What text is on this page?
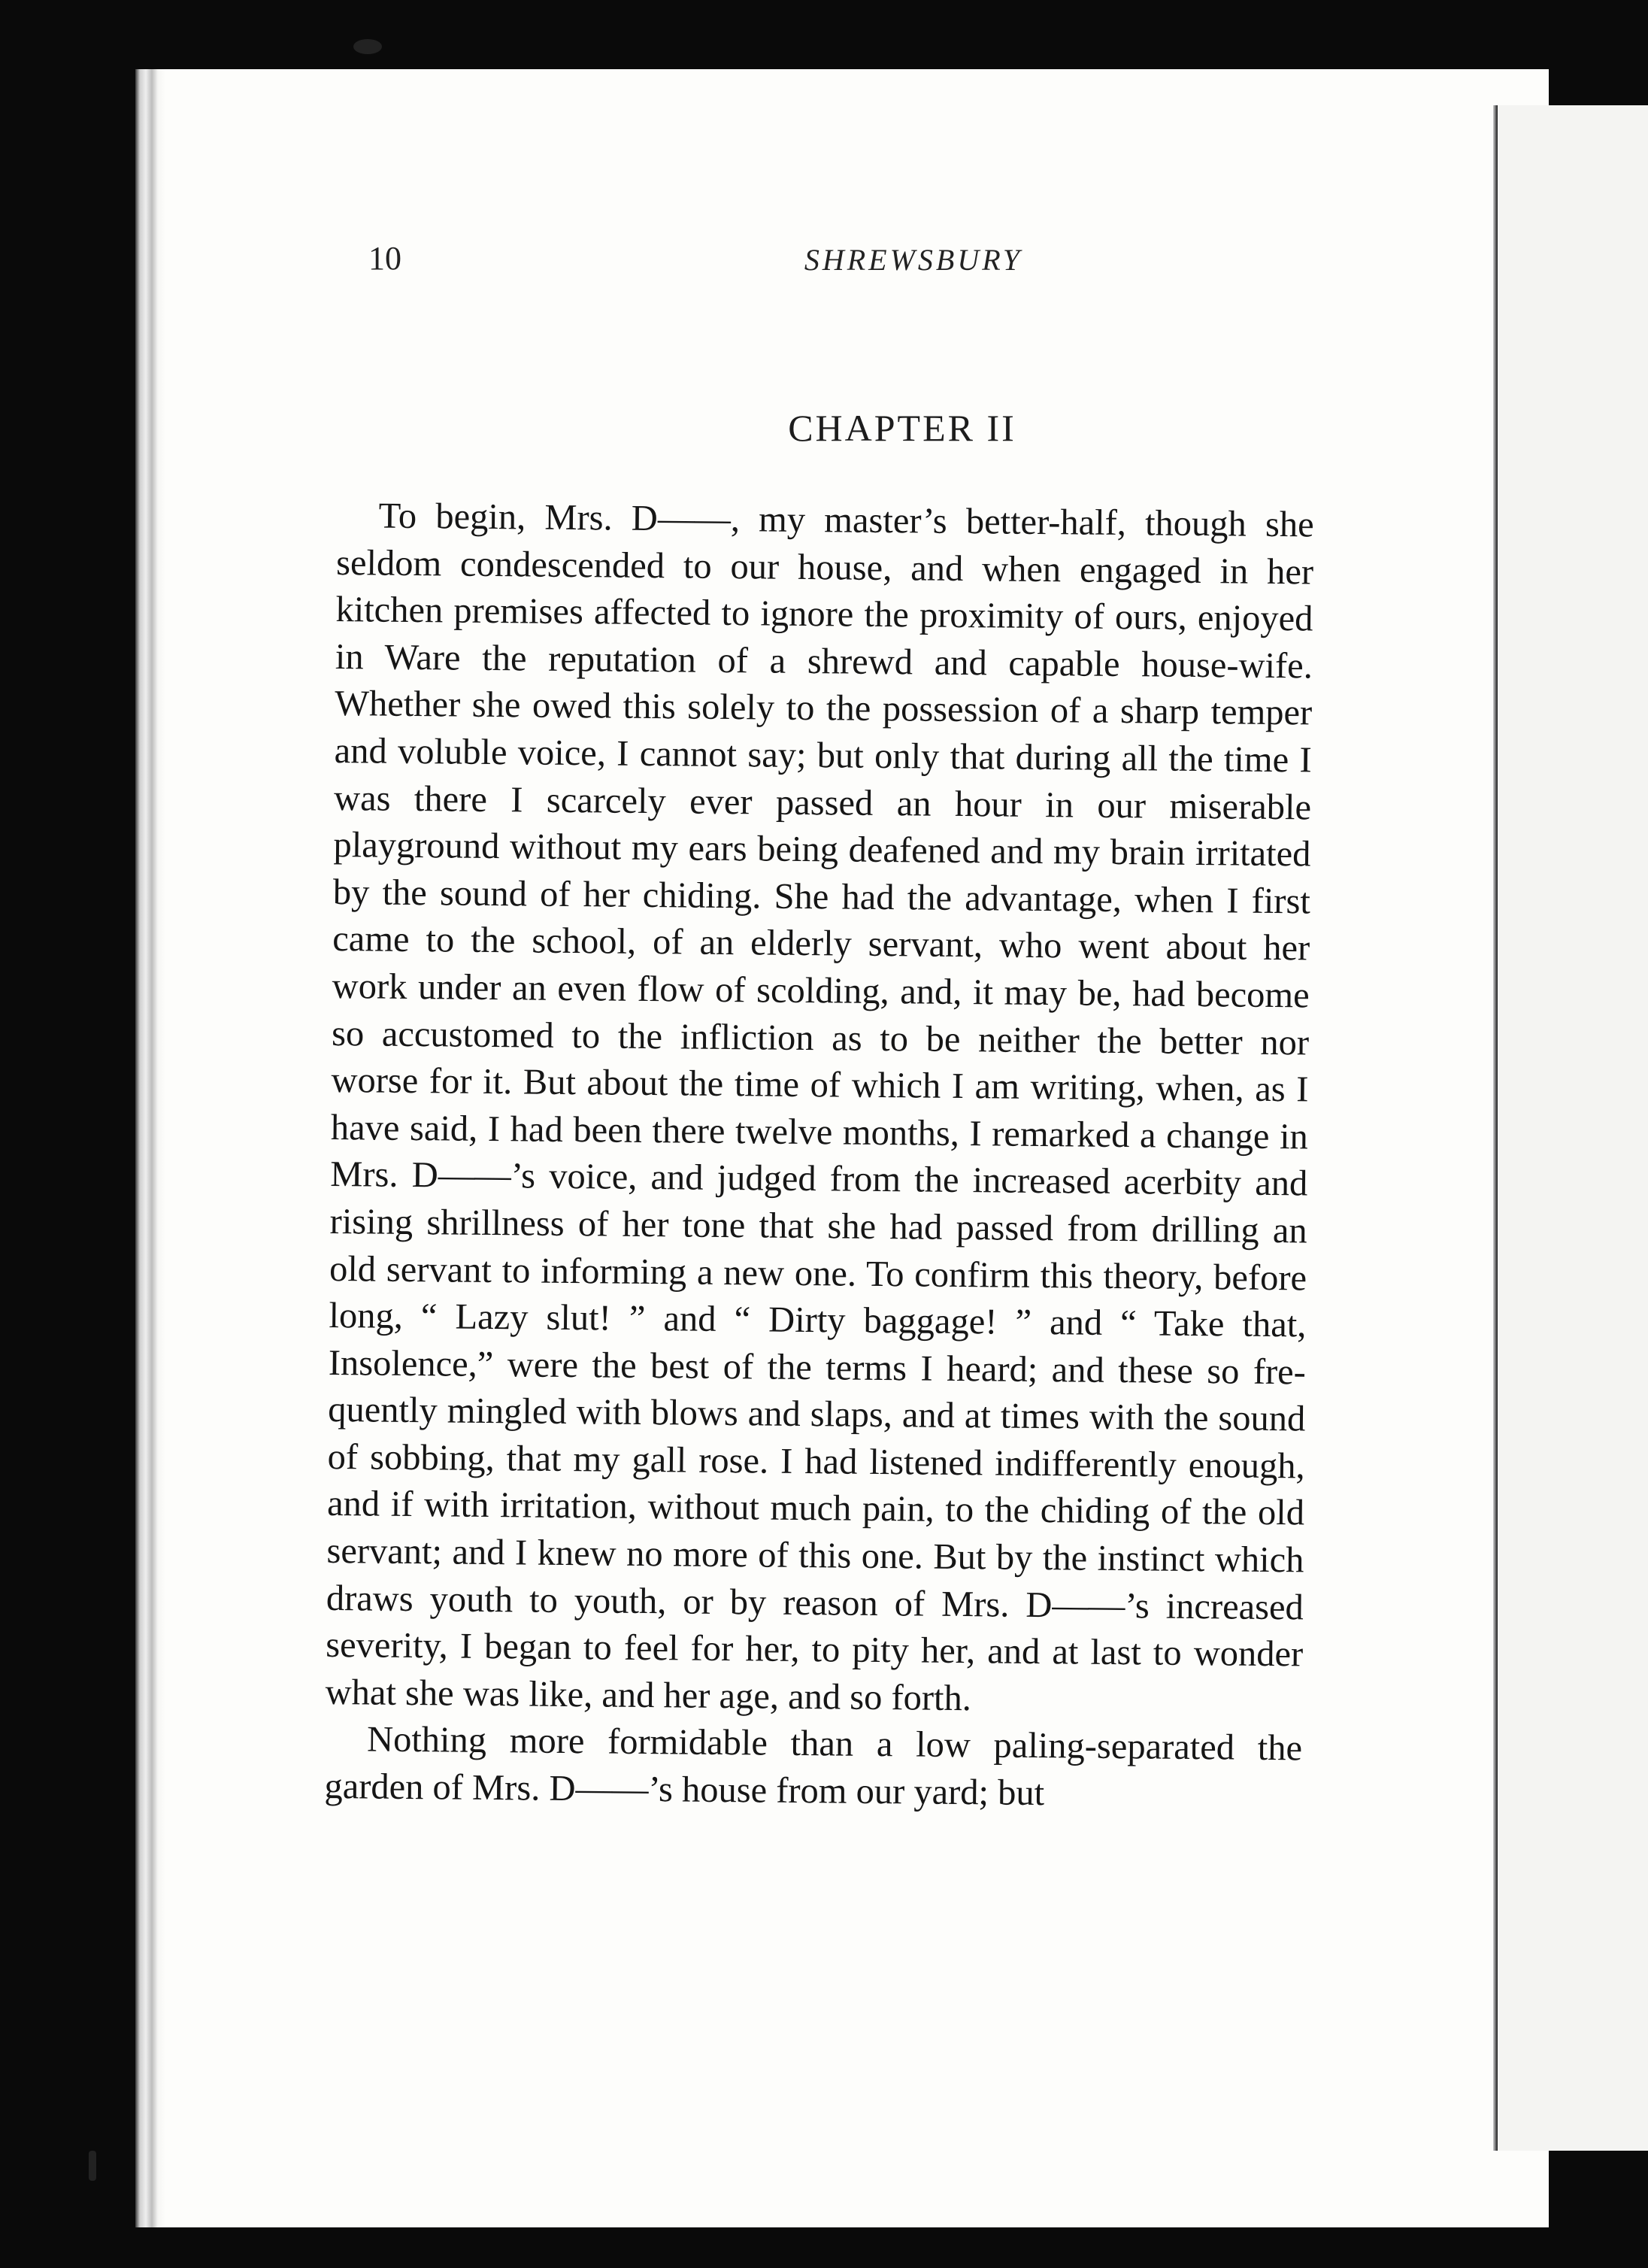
10	SHREWSBURY
CHAPTER II

To begin, Mrs. D——, my master’s better-half, though she seldom condescended to our house, and when engaged in her kitchen premises affected to ignore the proximity of ours, enjoyed in Ware the reputation of a shrewd and capable house-wife. Whether she owed this solely to the possession of a sharp temper and voluble voice, I cannot say; but only that during all the time I was there I scarcely ever passed an hour in our miserable playground without my ears being deafened and my brain irritated by the sound of her chiding. She had the advantage, when I first came to the school, of an elderly servant, who went about her work under an even flow of scolding, and, it may be, had become so accustomed to the infliction as to be neither the better nor worse for it. But about the time of which I am writing, when, as I have said, I had been there twelve months, I remarked a change in Mrs. D——’s voice, and judged from the increased acerbity and rising shrillness of her tone that she had passed from drilling an old servant to informing a new one. To confirm this theory, before long, “ Lazy slut! ” and “ Dirty baggage! ” and “ Take that, Insolence,” were the best of the terms I heard; and these so fre-quently mingled with blows and slaps, and at times with the sound of sobbing, that my gall rose. I had listened indifferently enough, and if with irritation, without much pain, to the chiding of the old servant; and I knew no more of this one. But by the instinct which draws youth to youth, or by reason of Mrs. D——’s increased severity, I began to feel for her, to pity her, and at last to wonder what she was like, and her age, and so forth.

Nothing more formidable than a low paling-separated the garden of Mrs. D——’s house from our yard; but
